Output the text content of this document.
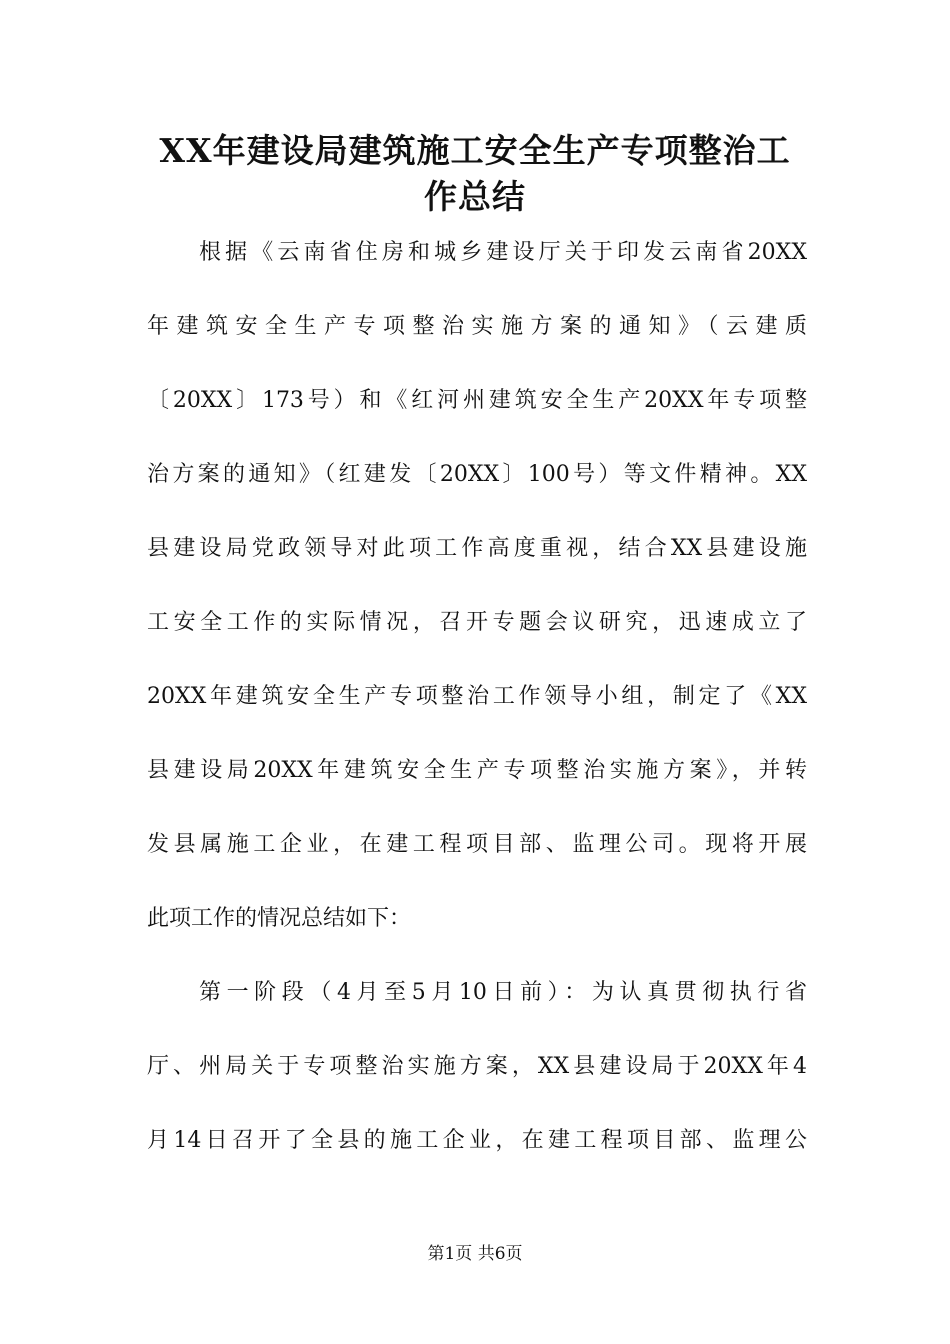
XX年建设局建筑施工安全生产专项整治工
作总结
根据《云南省住房和城乡建设厅关于印发云南省20XX
年建筑安全生产专项整治实施方案的通知》（云建质
〔20XX〕173号）和《红河州建筑安全生产20XX年专项整
治方案的通知》（红建发〔20XX〕100号）等文件精神。XX
县建设局党政领导对此项工作高度重视，结合XX县建设施
工安全工作的实际情况，召开专题会议研究，迅速成立了
20XX年建筑安全生产专项整治工作领导小组，制定了《XX
县建设局20XX年建筑安全生产专项整治实施方案》，并转
发县属施工企业，在建工程项目部、监理公司。现将开展
此项工作的情况总结如下：
第一阶段（4月至5月10日前）：为认真贯彻执行省
厅、州局关于专项整治实施方案，XX县建设局于20XX年4
月14日召开了全县的施工企业，在建工程项目部、监理公
第1页 共6页
